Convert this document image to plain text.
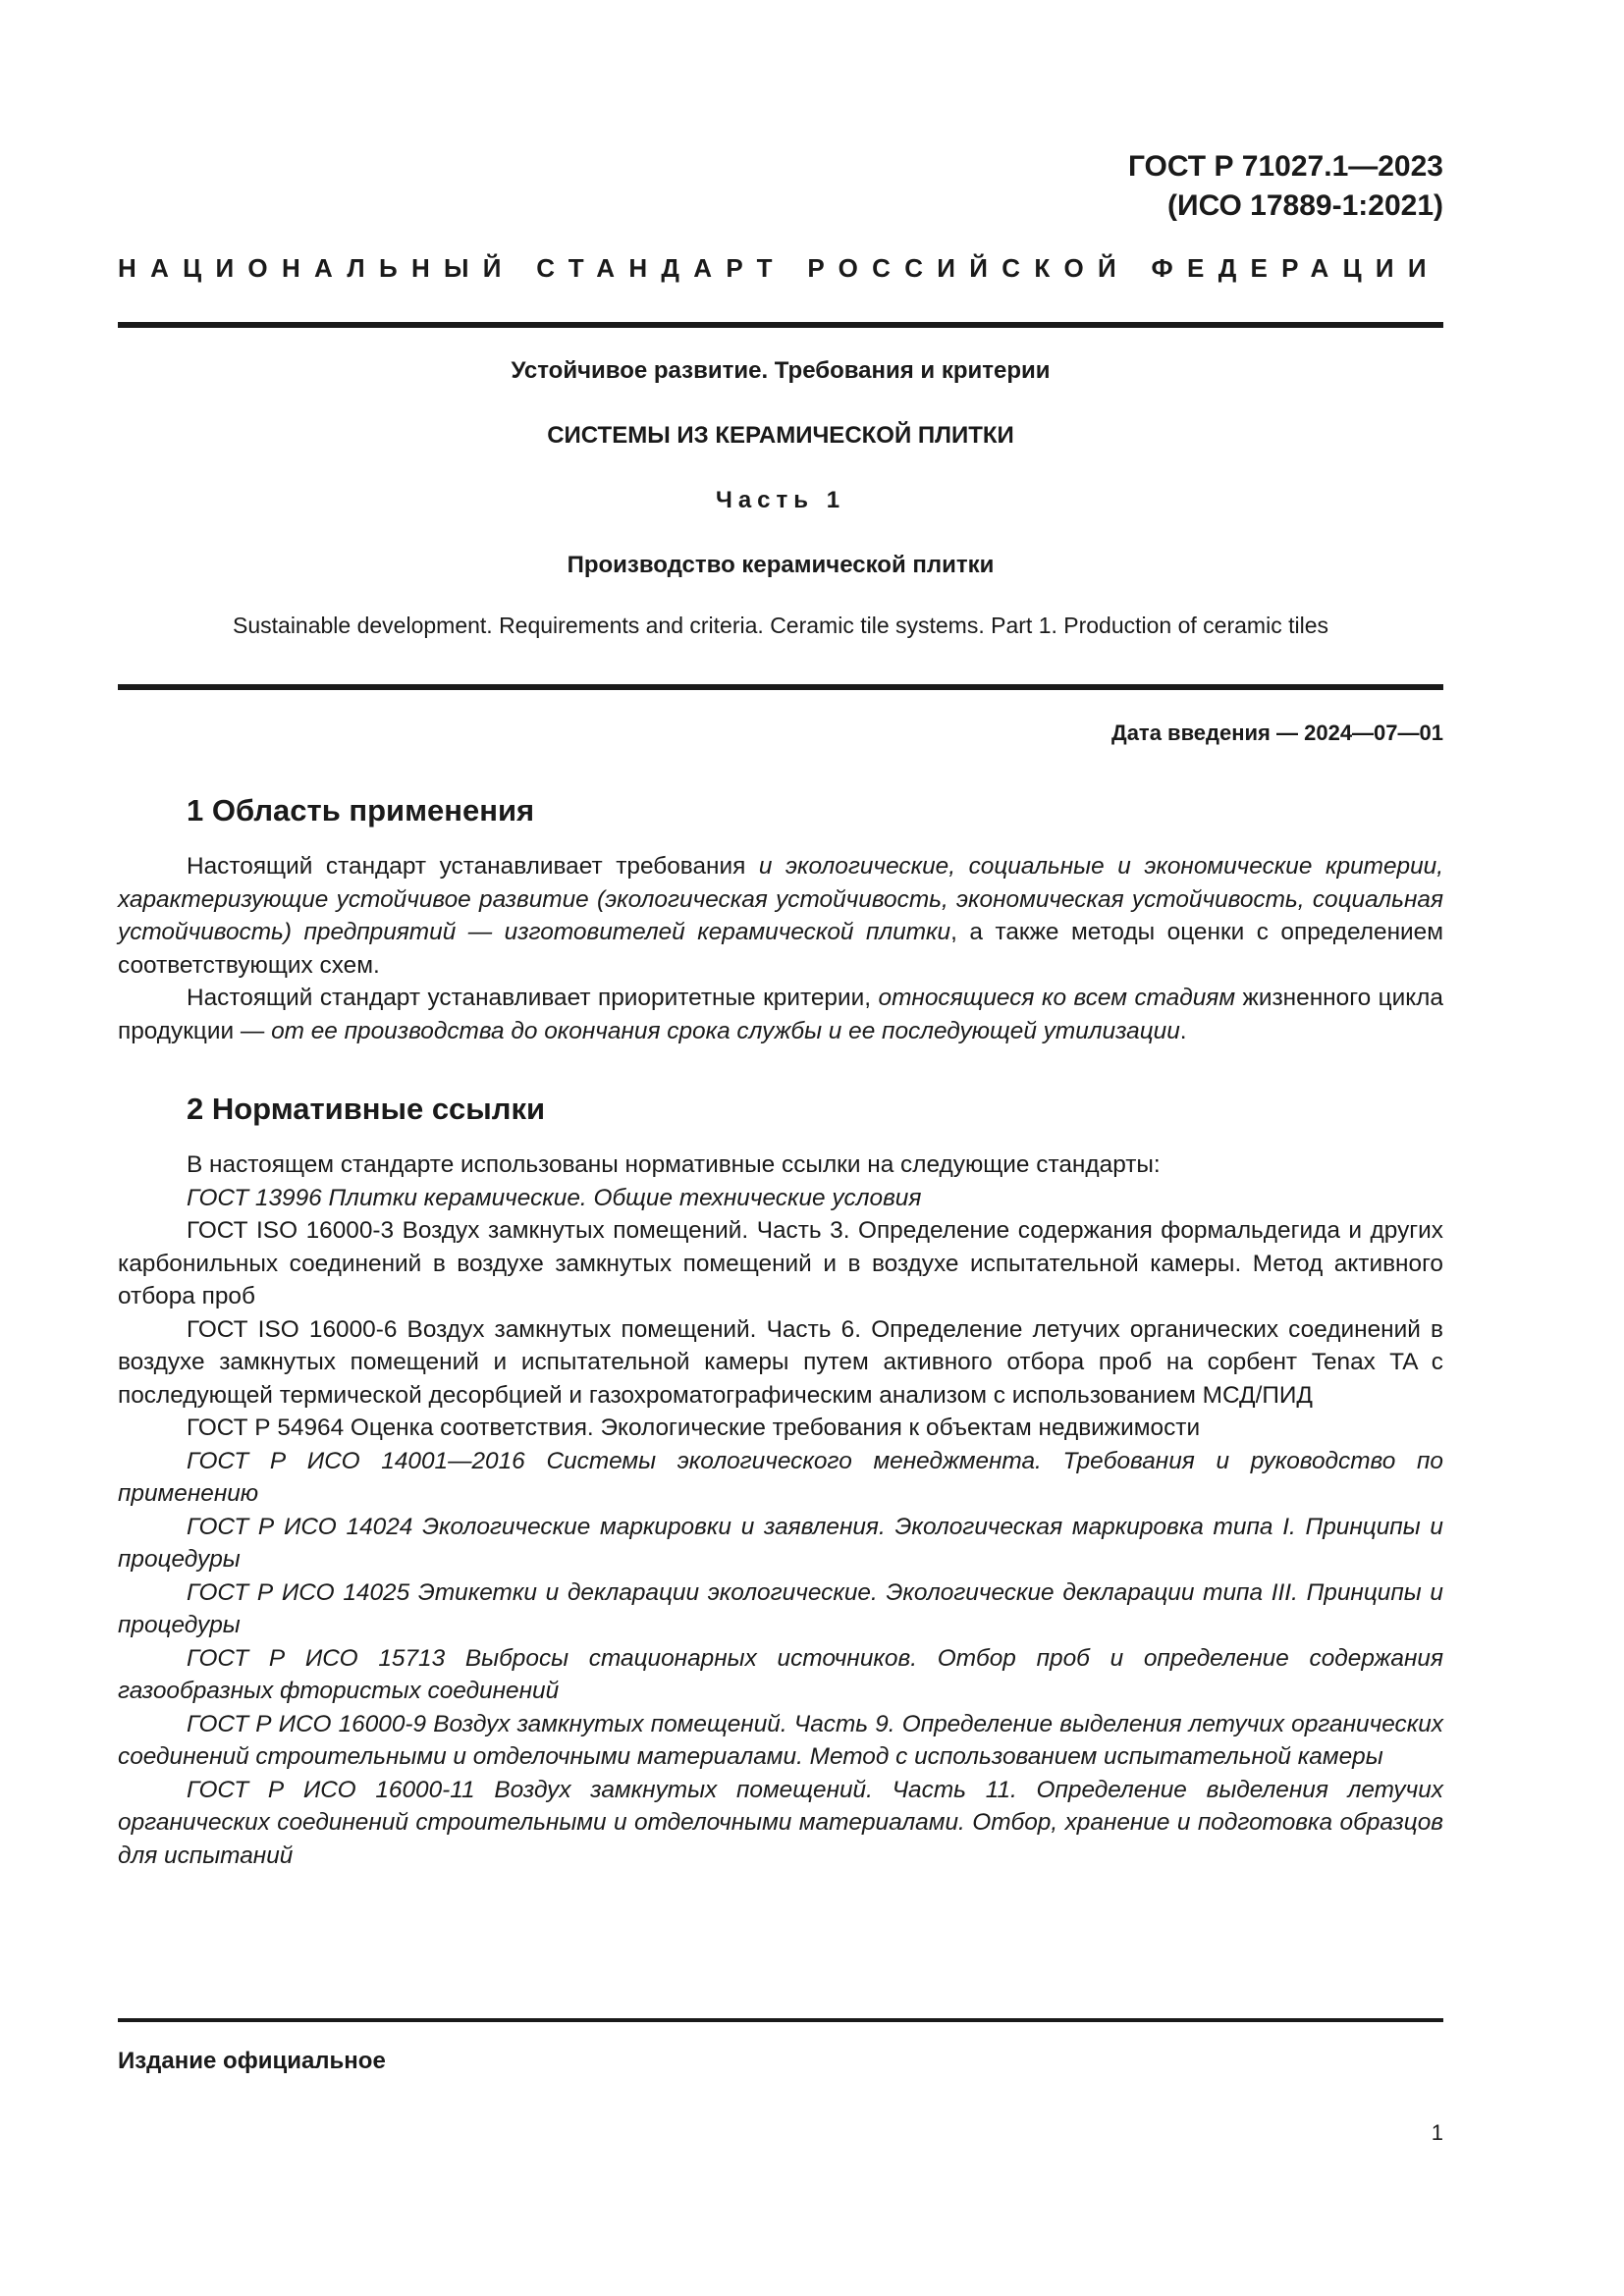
ГОСТ Р 71027.1—2023
(ИСО 17889-1:2021)
НАЦИОНАЛЬНЫЙ СТАНДАРТ РОССИЙСКОЙ ФЕДЕРАЦИИ
Устойчивое развитие. Требования и критерии
СИСТЕМЫ ИЗ КЕРАМИЧЕСКОЙ ПЛИТКИ
Часть 1
Производство керамической плитки
Sustainable development. Requirements and criteria. Ceramic tile systems. Part 1. Production of ceramic tiles
Дата введения — 2024—07—01
1 Область применения

Настоящий стандарт устанавливает требования и экологические, социальные и экономические критерии, характеризующие устойчивое развитие (экологическая устойчивость, экономическая устойчивость, социальная устойчивость) предприятий — изготовителей керамической плитки, а также методы оценки с определением соответствующих схем.

Настоящий стандарт устанавливает приоритетные критерии, относящиеся ко всем стадиям жизненного цикла продукции — от ее производства до окончания срока службы и ее последующей утилизации.

2 Нормативные ссылки

В настоящем стандарте использованы нормативные ссылки на следующие стандарты:

ГОСТ 13996 Плитки керамические. Общие технические условия

ГОСТ ISO 16000-3 Воздух замкнутых помещений. Часть 3. Определение содержания формальдегида и других карбонильных соединений в воздухе замкнутых помещений и в воздухе испытательной камеры. Метод активного отбора проб

ГОСТ ISO 16000-6 Воздух замкнутых помещений. Часть 6. Определение летучих органических соединений в воздухе замкнутых помещений и испытательной камеры путем активного отбора проб на сорбент Tenax TA с последующей термической десорбцией и газохроматографическим анализом с использованием МСД/ПИД

ГОСТ Р 54964 Оценка соответствия. Экологические требования к объектам недвижимости

ГОСТ Р ИСО 14001—2016 Системы экологического менеджмента. Требования и руководство по применению

ГОСТ Р ИСО 14024 Экологические маркировки и заявления. Экологическая маркировка типа I. Принципы и процедуры

ГОСТ Р ИСО 14025 Этикетки и декларации экологические. Экологические декларации типа III. Принципы и процедуры

ГОСТ Р ИСО 15713 Выбросы стационарных источников. Отбор проб и определение содержания газообразных фтористых соединений

ГОСТ Р ИСО 16000-9 Воздух замкнутых помещений. Часть 9. Определение выделения летучих органических соединений строительными и отделочными материалами. Метод с использованием испытательной камеры

ГОСТ Р ИСО 16000-11 Воздух замкнутых помещений. Часть 11. Определение выделения летучих органических соединений строительными и отделочными материалами. Отбор, хранение и подготовка образцов для испытаний

Издание официальное
1
